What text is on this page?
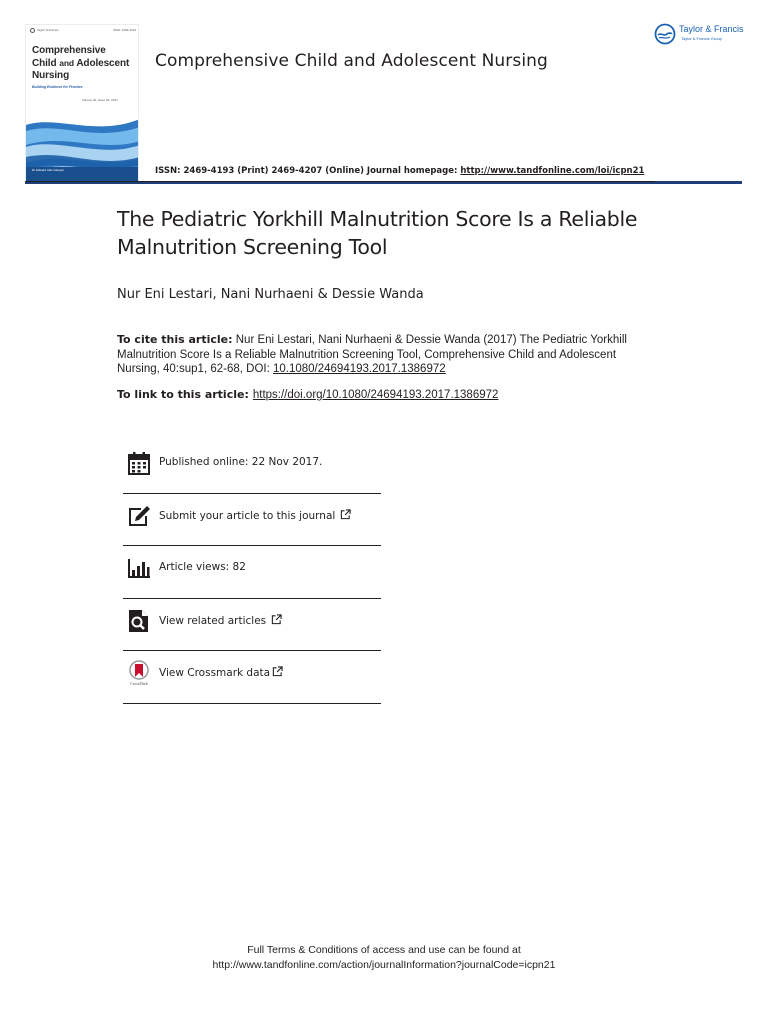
Taylor & Francis	ISSN: 2469-4193
Comprehensive
Child and Adolescent
Nursing
Building Evidence for Practice
Volume 40, Issue S1, 2017
Dr Edward Alan Glasper
Comprehensive Child and Adolescent Nursing
Taylor & Francis
Taylor & Francis Group
ISSN: 2469-4193 (Print) 2469-4207 (Online) Journal homepage: http://www.tandfonline.com/loi/icpn21
The Pediatric Yorkhill Malnutrition Score Is a Reliable Malnutrition Screening Tool
Nur Eni Lestari, Nani Nurhaeni & Dessie Wanda
To cite this article: Nur Eni Lestari, Nani Nurhaeni & Dessie Wanda (2017) The Pediatric Yorkhill Malnutrition Score Is a Reliable Malnutrition Screening Tool, Comprehensive Child and Adolescent Nursing, 40:sup1, 62-68, DOI: 10.1080/24694193.2017.1386972
To link to this article: https://doi.org/10.1080/24694193.2017.1386972
Published online: 22 Nov 2017.
Submit your article to this journal
Article views: 82
View related articles
CrossMark
View Crossmark data
Full Terms & Conditions of access and use can be found at
http://www.tandfonline.com/action/journalInformation?journalCode=icpn21
